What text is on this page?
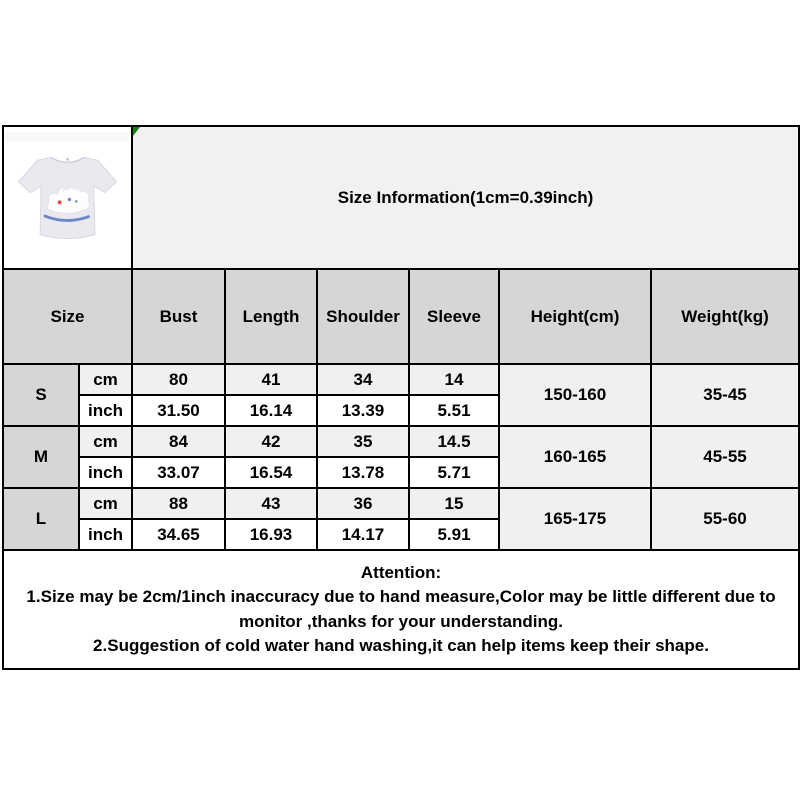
Size Information(1cm=0.39inch)					
Size		Bust	Length	Shoulder	Sleeve	Height(cm)	Weight(kg)
S	cm	80	41	34	14	150-160	35-45
	inch	31.50	16.14	13.39	5.51		
M	cm	84	42	35	14.5	160-165	45-55
	inch	33.07	16.54	13.78	5.71		
L	cm	88	43	36	15	165-175	55-60
	inch	34.65	16.93	14.17	5.91		

Attention:
1.Size may be 2cm/1inch inaccuracy due to hand measure,Color may be little different due to monitor ,thanks for your understanding.
2.Suggestion of cold water hand washing,it can help items keep their shape.							
